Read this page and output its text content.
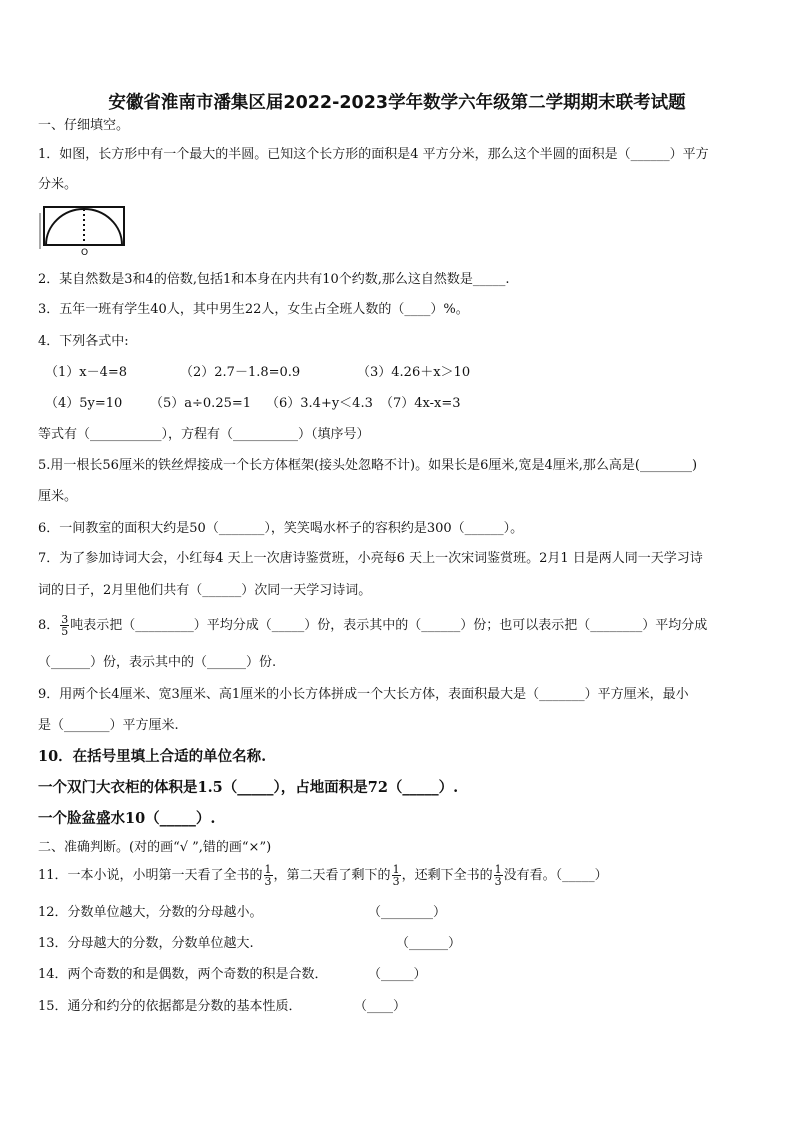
安徽省淮南市潘集区届2022-2023学年数学六年级第二学期期末联考试题
一、仔细填空。
1．如图，长方形中有一个最大的半圆。已知这个长方形的面积是4 平方分米，那么这个半圆的面积是（______）平方
分米。
O
2．某自然数是3和4的倍数,包括1和本身在内共有10个约数,那么这自然数是_____.
3．五年一班有学生40人，其中男生22人，女生占全班人数的（____）%。
4．下列各式中:
（1）x－4=8	（2）2.7－1.8=0.9	（3）4.26＋x＞10
（4）5y=10 （5）a÷0.25=1 （6）3.4+y＜4.3 （7）4x-x=3
等式有（___________），方程有（__________）（填序号）
5.用一根长56厘米的铁丝焊接成一个长方体框架(接头处忽略不计)。如果长是6厘米,宽是4厘米,那么高是(________)
厘米。
6．一间教室的面积大约是50（_______），笑笑喝水杯子的容积约是300（______）。
7．为了参加诗词大会，小红每4 天上一次唐诗鉴赏班，小亮每6 天上一次宋词鉴赏班。2月1 日是两人同一天学习诗
词的日子，2月里他们共有（______）次同一天学习诗词。
8． $\frac{3}{5}$ 吨表示把（_________）平均分成（_____）份，表示其中的（______）份；也可以表示把（________）平均分成
（______）份，表示其中的（______）份.
9．用两个长4厘米、宽3厘米、高1厘米的小长方体拼成一个大长方体，表面积最大是（_______）平方厘米，最小
是（_______）平方厘米.
10．在括号里填上合适的单位名称.
一个双门大衣柜的体积是1.5（_____），占地面积是72（_____）.
一个脸盆盛水10（_____）.
二、准确判断。(对的画“√ ”,错的画“×”)
11．一本小说，小明第一天看了全书的 $\frac{1}{3}$ ，第二天看了剩下的 $\frac{1}{3}$ ，还剩下全书的 $\frac{1}{3}$ 没有看。（_____）
12．分数单位越大，分数的分母越小。	（________）
13．分母越大的分数，分数单位越大.	（______）
14．两个奇数的和是偶数，两个奇数的积是合数．	（_____）
15．通分和约分的依据都是分数的基本性质．	（____）
